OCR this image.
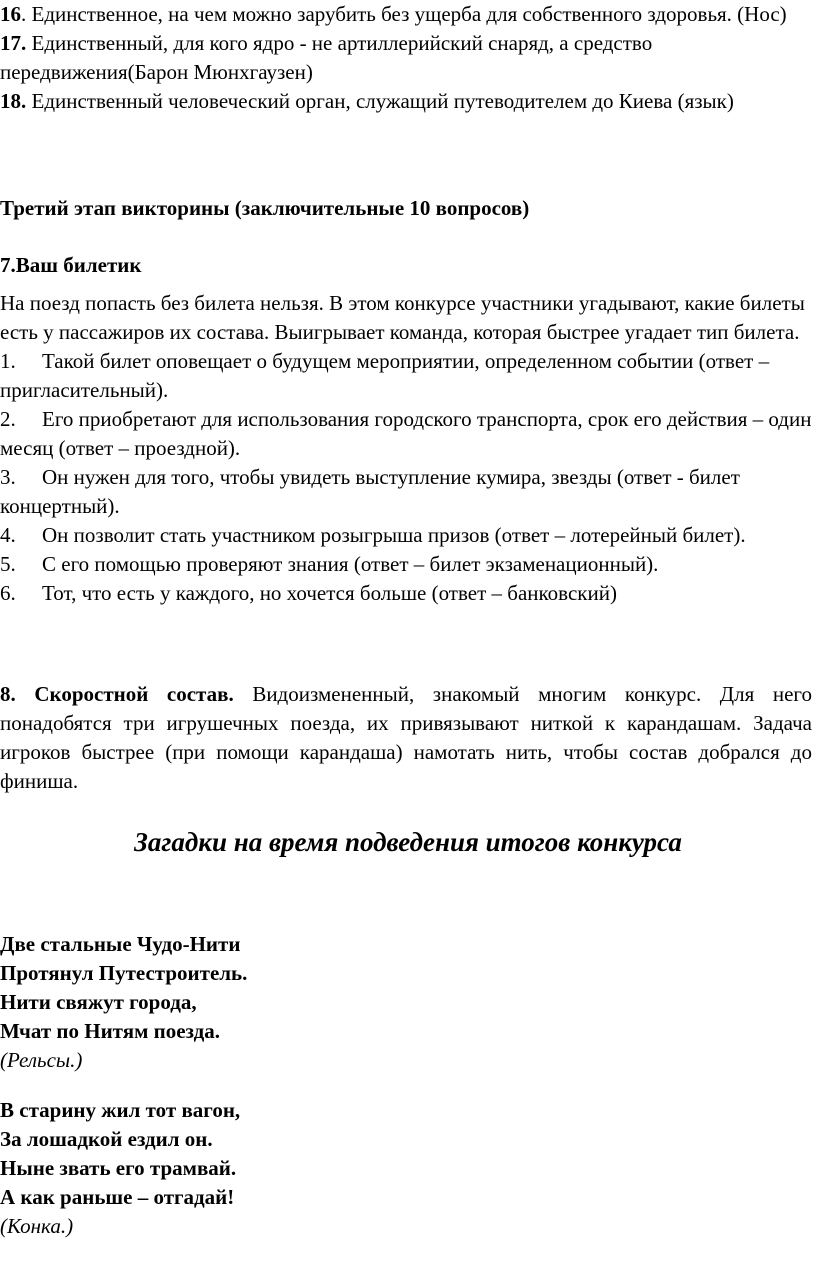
16. Единственное, на чем можно зарубить без ущерба для собственного здоровья. (Нос)

17. Единственный, для кого ядро - не артиллерийский снаряд, а средство передвижения(Барон Мюнхгаузен)

18. Единственный человеческий орган, служащий путеводителем до Киева (язык)

Третий этап викторины (заключительные 10 вопросов)

7.Ваш билетик

На поезд попасть без билета нельзя. В этом конкурсе участники угадывают, какие билеты есть у пассажиров их состава. Выигрывает команда, которая быстрее угадает тип билета.

1. Такой билет оповещает о будущем мероприятии, определенном событии (ответ – пригласительный).

2. Его приобретают для использования городского транспорта, срок его действия – один месяц (ответ – проездной).

3. Он нужен для того, чтобы увидеть выступление кумира, звезды (ответ - билет концертный).

4. Он позволит стать участником розыгрыша призов (ответ – лотерейный билет).

5. С его помощью проверяют знания (ответ – билет экзаменационный).

6. Тот, что есть у каждого, но хочется больше (ответ – банковский)

8. Скоростной состав. Видоизмененный, знакомый многим конкурс. Для него понадобятся три игрушечных поезда, их привязывают ниткой к карандашам. Задача игроков быстрее (при помощи карандаша) намотать нить, чтобы состав добрался до финиша.

Загадки на время подведения итогов конкурса

Две стальные Чудо-Нити

Протянул Путестроитель.

Нити свяжут города,

Мчат по Нитям поезда.

(Рельсы.)

В старину жил тот вагон,

За лошадкой ездил он.

Ныне звать его трамвай.

А как раньше – отгадай!

(Конка.)
